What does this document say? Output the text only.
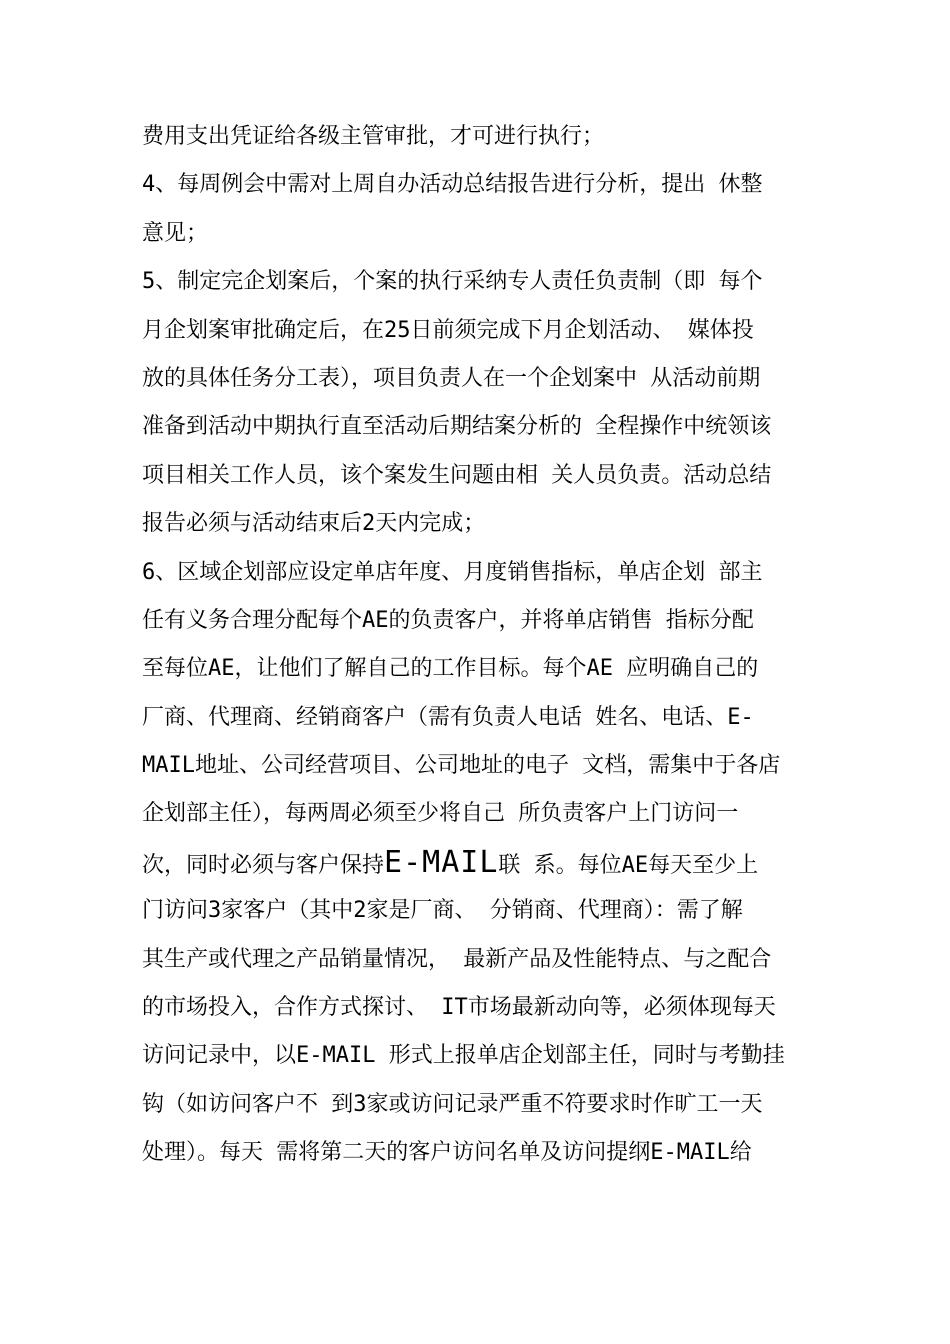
费用支出凭证给各级主管审批，才可进行执行；
4、每周例会中需对上周自办活动总结报告进行分析，提出 休整
意见；
5、制定完企划案后，个案的执行采纳专人责任负责制（即 每个
月企划案审批确定后，在25日前须完成下月企划活动、 媒体投
放的具体任务分工表），项目负责人在一个企划案中 从活动前期
准备到活动中期执行直至活动后期结案分析的 全程操作中统领该
项目相关工作人员，该个案发生问题由相 关人员负责。活动总结
报告必须与活动结束后2天内完成；
6、区域企划部应设定单店年度、月度销售指标，单店企划 部主
任有义务合理分配每个AE的负责客户，并将单店销售 指标分配
至每位AE，让他们了解自己的工作目标。每个AE 应明确自己的
厂商、代理商、经销商客户（需有负责人电话 姓名、电话、E-
MAIL地址、公司经营项目、公司地址的电子 文档，需集中于各店
企划部主任），每两周必须至少将自己 所负责客户上门访问一
次，同时必须与客户保持E-MAIL联 系。每位AE每天至少上
门访问3家客户（其中2家是厂商、 分销商、代理商）：需了解
其生产或代理之产品销量情况， 最新产品及性能特点、与之配合
的市场投入，合作方式探讨、 IT市场最新动向等，必须体现每天
访问记录中，以E-MAIL 形式上报单店企划部主任，同时与考勤挂
钩（如访问客户不 到3家或访问记录严重不符要求时作旷工一天
处理）。每天 需将第二天的客户访问名单及访问提纲E-MAIL给
